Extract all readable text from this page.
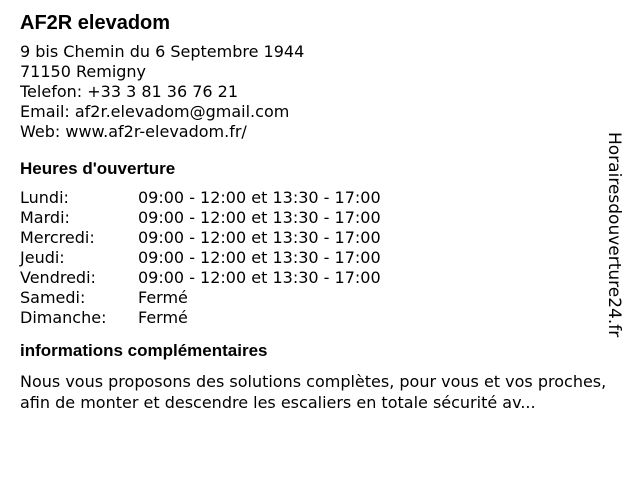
AF2R elevadom
9 bis Chemin du 6 Septembre 1944
71150 Remigny
Telefon: +33 3 81 36 76 21
Email: af2r.elevadom@gmail.com
Web: www.af2r-elevadom.fr/
Heures d'ouverture
Lundi:	09:00 - 12:00 et 13:30 - 17:00
Mardi:	09:00 - 12:00 et 13:30 - 17:00
Mercredi:	09:00 - 12:00 et 13:30 - 17:00
Jeudi:	09:00 - 12:00 et 13:30 - 17:00
Vendredi:	09:00 - 12:00 et 13:30 - 17:00
Samedi:	Fermé
Dimanche:	Fermé
informations complémentaires
Nous vous proposons des solutions complètes, pour vous et vos proches, afin de monter et descendre les escaliers en totale sécurité av...
Horairesdouverture24.fr
